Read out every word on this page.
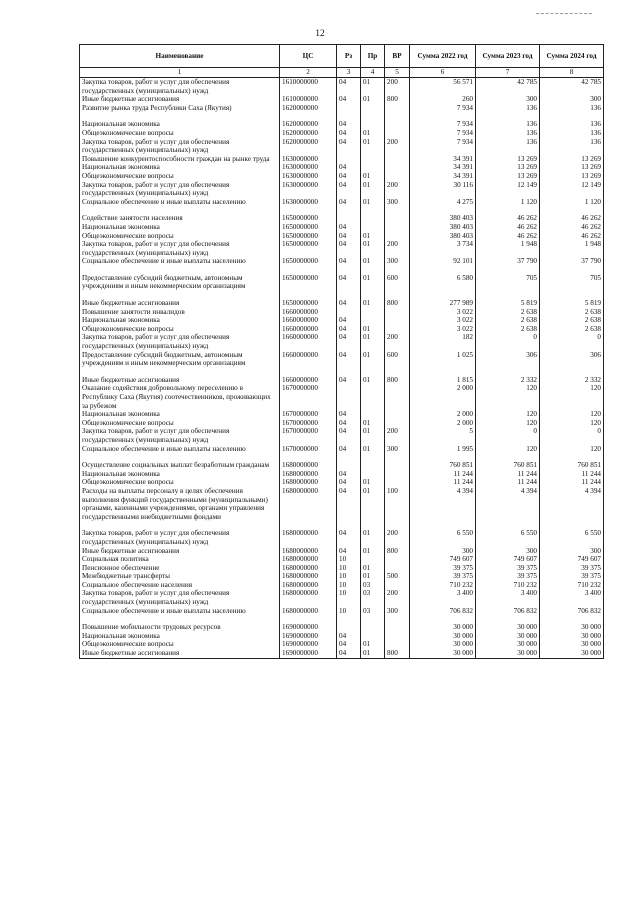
12
Наименование	ЦС	Рз	Пр	ВР	Сумма 2022 год	Сумма 2023 год	Сумма 2024 год
1	2	3	4	5	6	7	8
Закупка товаров, работ и услуг для обеспечения государственных (муниципальных) нужд	1610000000	04	01	200	56 571	42 785	42 785
Иные бюджетные ассигнования	1610000000	04	01	800	260	300	300
Развитие рынка труда Республики Саха (Якутия)	1620000000				7 934	136	136

Национальная экономика	1620000000	04			7 934	136	136
Общеэкономические вопросы	1620000000	04	01		7 934	136	136
Закупка товаров, работ и услуг для обеспечения государственных (муниципальных) нужд	1620000000	04	01	200	7 934	136	136
Повышение конкурентоспособности граждан на рынке труда	1630000000				34 391	13 269	13 269
Национальная экономика	1630000000	04			34 391	13 269	13 269
Общеэкономические вопросы	1630000000	04	01		34 391	13 269	13 269
Закупка товаров, работ и услуг для обеспечения государственных (муниципальных) нужд	1630000000	04	01	200	30 116	12 149	12 149
Социальное обеспечение и иные выплаты населению	1630000000	04	01	300	4 275	1 120	1 120

Содействие занятости населения	1650000000				380 403	46 262	46 262
Национальная экономика	1650000000	04			380 403	46 262	46 262
Общеэкономические вопросы	1650000000	04	01		380 403	46 262	46 262
Закупка товаров, работ и услуг для обеспечения государственных (муниципальных) нужд	1650000000	04	01	200	3 734	1 948	1 948
Социальное обеспечение и иные выплаты населению	1650000000	04	01	300	92 101	37 790	37 790

Предоставление субсидий бюджетным, автономным учреждениям и иным некоммерческим организациям	1650000000	04	01	600	6 580	705	705

Иные бюджетные ассигнования	1650000000	04	01	800	277 989	5 819	5 819
Повышение занятости инвалидов	1660000000				3 022	2 638	2 638
Национальная экономика	1660000000	04			3 022	2 638	2 638
Общеэкономические вопросы	1660000000	04	01		3 022	2 638	2 638
Закупка товаров, работ и услуг для обеспечения государственных (муниципальных) нужд	1660000000	04	01	200	182	0	0
Предоставление субсидий бюджетным, автономным учреждениям и иным некоммерческим организациям	1660000000	04	01	600	1 025	306	306

Иные бюджетные ассигнования	1660000000	04	01	800	1 815	2 332	2 332
Оказание содействия добровольному переселению в Республику Саха (Якутия) соотечественников, проживающих за рубежом	1670000000				2 000	120	120
Национальная экономика	1670000000	04			2 000	120	120
Общеэкономические вопросы	1670000000	04	01		2 000	120	120
Закупка товаров, работ и услуг для обеспечения государственных (муниципальных) нужд	1670000000	04	01	200	5	0	0
Социальное обеспечение и иные выплаты населению	1670000000	04	01	300	1 995	120	120

Осуществление социальных выплат безработным гражданам	1680000000				760 851	760 851	760 851
Национальная экономика	1680000000	04			11 244	11 244	11 244
Общеэкономические вопросы	1680000000	04	01		11 244	11 244	11 244
Расходы на выплаты персоналу в целях обеспечения выполнения функций государственными (муниципальными) органами, казенными учреждениями, органами управления государственными внебюджетными фондами	1680000000	04	01	100	4 394	4 394	4 394

Закупка товаров, работ и услуг для обеспечения государственных (муниципальных) нужд	1680000000	04	01	200	6 550	6 550	6 550
Иные бюджетные ассигнования	1680000000	04	01	800	300	300	300
Социальная политика	1680000000	10			749 607	749 607	749 607
Пенсионное обеспечение	1680000000	10	01		39 375	39 375	39 375
Межбюджетные трансферты	1680000000	10	01	500	39 375	39 375	39 375
Социальное обеспечение населения	1680000000	10	03		710 232	710 232	710 232
Закупка товаров, работ и услуг для обеспечения государственных (муниципальных) нужд	1680000000	10	03	200	3 400	3 400	3 400
Социальное обеспечение и иные выплаты населению	1680000000	10	03	300	706 832	706 832	706 832

Повышение мобильности трудовых ресурсов	1690000000				30 000	30 000	30 000
Национальная экономика	1690000000	04			30 000	30 000	30 000
Общеэкономические вопросы	1690000000	04	01		30 000	30 000	30 000
Иные бюджетные ассигнования	1690000000	04	01	800	30 000	30 000	30 000
